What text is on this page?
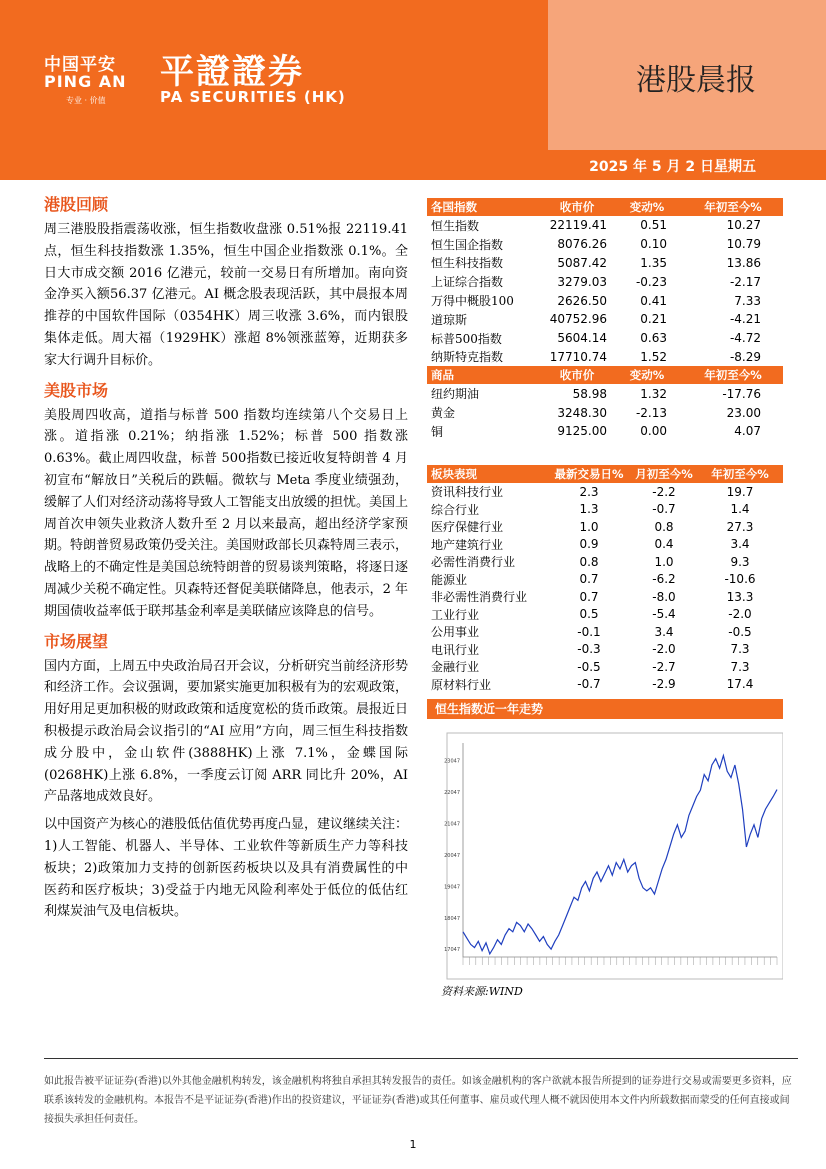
中国平安
PING AN
专业 · 价值
平證證券
PA SECURITIES (HK)	港股晨报
2025 年 5 月 2 日星期五
港股回顾

周三港股股指震荡收涨，恒生指数收盘涨 0.51%报 22119.41 点，恒生科技指数涨 1.35%，恒生中国企业指数涨 0.1%。全日大市成交额 2016 亿港元，较前一交易日有所增加。南向资金净买入额56.37 亿港元。AI 概念股表现活跃，其中晨报本周推荐的中国软件国际（0354HK）周三收涨 3.6%，而内银股集体走低。周大福（1929HK）涨超 8%领涨蓝筹，近期获多家大行调升目标价。

美股市场

美股周四收高，道指与标普 500 指数均连续第八个交易日上涨。道指涨 0.21%；纳指涨 1.52%；标普 500 指数涨 0.63%。截止周四收盘，标普 500指数已接近收复特朗普 4 月初宣布“解放日”关税后的跌幅。微软与 Meta 季度业绩强劲，缓解了人们对经济动荡将导致人工智能支出放缓的担忧。美国上周首次申领失业救济人数升至 2 月以来最高，超出经济学家预期。特朗普贸易政策仍受关注。美国财政部长贝森特周三表示，战略上的不确定性是美国总统特朗普的贸易谈判策略，将逐日逐周减少关税不确定性。贝森特还督促美联储降息，他表示，2 年期国债收益率低于联邦基金利率是美联储应该降息的信号。

市场展望

国内方面，上周五中央政治局召开会议，分析研究当前经济形势和经济工作。会议强调，要加紧实施更加积极有为的宏观政策，用好用足更加积极的财政政策和适度宽松的货币政策。晨报近日积极提示政治局会议指引的“AI 应用”方向，周三恒生科技指数成分股中，金山软件(3888HK)上涨 7.1%，金蝶国际(0268HK)上涨 6.8%，一季度云订阅 ARR 同比升 20%，AI 产品落地成效良好。

以中国资产为核心的港股低估值优势再度凸显，建议继续关注：1)人工智能、机器人、半导体、工业软件等新质生产力等科技板块；2)政策加力支持的创新医药板块以及具有消费属性的中医药和医疗板块；3)受益于内地无风险利率处于低位的低估红利煤炭油气及电信板块。

各国指数	收市价	变动%	年初至今%
恒生指数	22119.41	0.51	10.27
恒生国企指数	8076.26	0.10	10.79
恒生科技指数	5087.42	1.35	13.86
上证综合指数	3279.03	-0.23	-2.17
万得中概股100	2626.50	0.41	7.33
道琼斯	40752.96	0.21	-4.21
标普500指数	5604.14	0.63	-4.72
纳斯特克指数	17710.74	1.52	-8.29
商品	收市价	变动%	年初至今%
纽约期油	58.98	1.32	-17.76
黄金	3248.30	-2.13	23.00
铜	9125.00	0.00	4.07
板块表现	最新交易日%	月初至今%	年初至今%
资讯科技行业	2.3	-2.2	19.7
综合行业	1.3	-0.7	1.4
医疗保健行业	1.0	0.8	27.3
地产建筑行业	0.9	0.4	3.4
必需性消费行业	0.8	1.0	9.3
能源业	0.7	-6.2	-10.6
非必需性消费行业	0.7	-8.0	13.3
工业行业	0.5	-5.4	-2.0
公用事业	-0.1	3.4	-0.5
电讯行业	-0.3	-2.0	7.3
金融行业	-0.5	-2.7	7.3
原材料行业	-0.7	-2.9	17.4
恒生指数近一年走势
23047
22047
21047
20047
19047
18047
17047
资料来源:WIND
如此报告被平证证券(香港)以外其他金融机构转发，该金融机构将独自承担其转发报告的责任。如该金融机构的客户欲就本报告所提到的证券进行交易或需要更多资料，应联系该转发的金融机构。本报告不是平证证券(香港)作出的投资建议，平证证券(香港)或其任何董事、雇员或代理人概不就因使用本文件内所载数据而蒙受的任何直接或间接损失承担任何责任。
1
